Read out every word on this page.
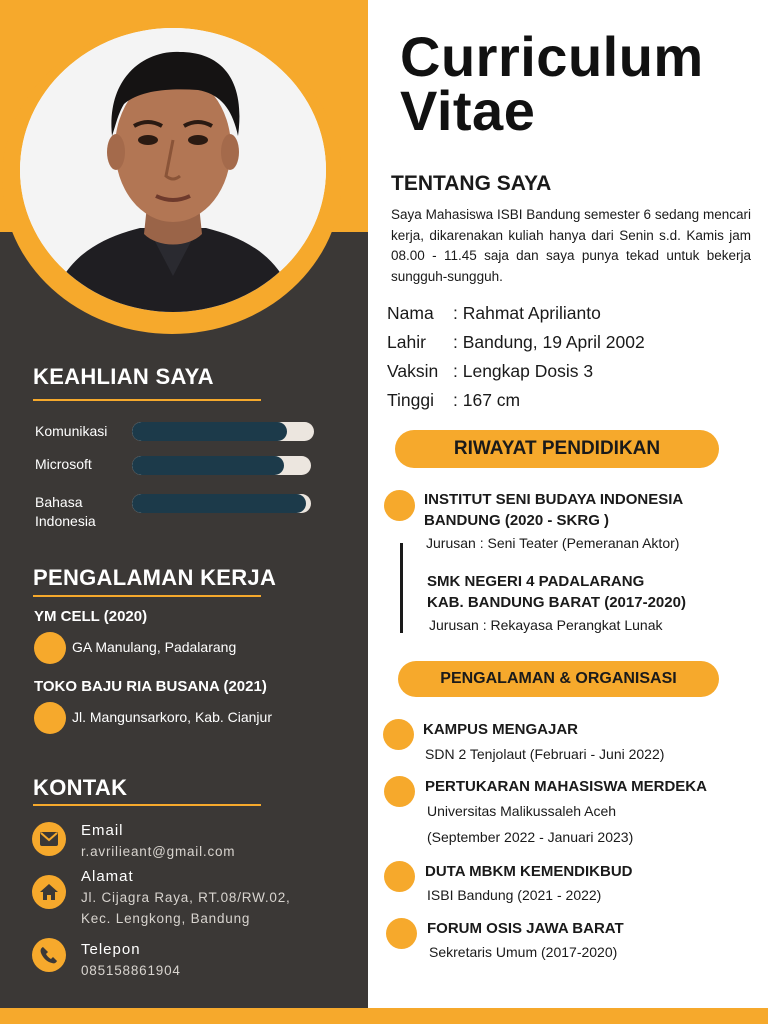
KEAHLIAN SAYA
Komunikasi
Microsoft
Bahasa Indonesia
PENGALAMAN KERJA
YM CELL (2020)
GA Manulang, Padalarang
TOKO BAJU RIA BUSANA (2021)
Jl. Mangunsarkoro, Kab. Cianjur
KONTAK
Email
r.avrilieant@gmail.com
Alamat
Jl. Cijagra Raya, RT.08/RW.02,
Kec. Lengkong, Bandung
Telepon
085158861904
Curriculum
Vitae
TENTANG SAYA
Saya Mahasiswa ISBI Bandung semester 6 sedang mencari kerja, dikarenakan kuliah hanya dari Senin s.d. Kamis jam 08.00 - 11.45 saja dan saya punya tekad untuk bekerja sungguh-sungguh.
Nama : Rahmat Aprilianto
Lahir : Bandung, 19 April 2002
Vaksin : Lengkap Dosis 3
Tinggi : 167 cm
RIWAYAT PENDIDIKAN
INSTITUT SENI BUDAYA INDONESIA
BANDUNG (2020 - SKRG )
Jurusan : Seni Teater (Pemeranan Aktor)
SMK NEGERI 4 PADALARANG
KAB. BANDUNG BARAT (2017-2020)
Jurusan : Rekayasa Perangkat Lunak
PENGALAMAN & ORGANISASI
KAMPUS MENGAJAR
SDN 2 Tenjolaut (Februari - Juni 2022)
PERTUKARAN MAHASISWA MERDEKA
Universitas Malikussaleh Aceh
(September 2022 - Januari 2023)
DUTA MBKM KEMENDIKBUD
ISBI Bandung (2021 - 2022)
FORUM OSIS JAWA BARAT
Sekretaris Umum (2017-2020)
